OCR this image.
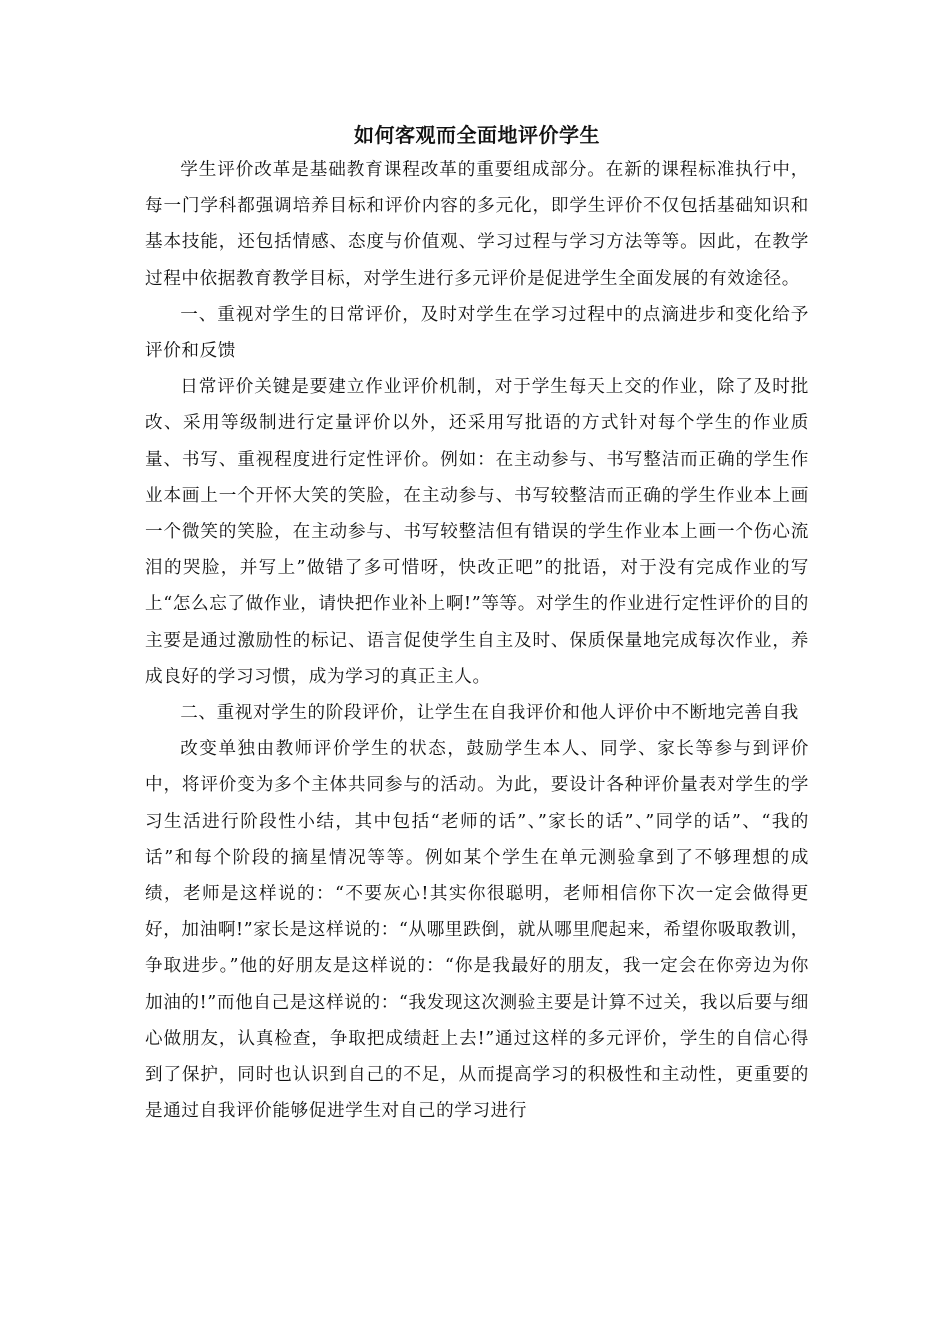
如何客观而全面地评价学生

学生评价改革是基础教育课程改革的重要组成部分。在新的课程标准执行中，每一门学科都强调培养目标和评价内容的多元化，即学生评价不仅包括基础知识和基本技能，还包括情感、态度与价值观、学习过程与学习方法等等。因此，在教学过程中依据教育教学目标，对学生进行多元评价是促进学生全面发展的有效途径。

一、重视对学生的日常评价，及时对学生在学习过程中的点滴进步和变化给予评价和反馈

日常评价关键是要建立作业评价机制，对于学生每天上交的作业，除了及时批改、采用等级制进行定量评价以外，还采用写批语的方式针对每个学生的作业质量、书写、重视程度进行定性评价。例如：在主动参与、书写整洁而正确的学生作业本画上一个开怀大笑的笑脸，在主动参与、书写较整洁而正确的学生作业本上画一个微笑的笑脸，在主动参与、书写较整洁但有错误的学生作业本上画一个伤心流泪的哭脸，并写上”做错了多可惜呀，快改正吧”的批语，对于没有完成作业的写上“怎么忘了做作业，请快把作业补上啊!”等等。对学生的作业进行定性评价的目的主要是通过激励性的标记、语言促使学生自主及时、保质保量地完成每次作业，养成良好的学习习惯，成为学习的真正主人。

二、重视对学生的阶段评价，让学生在自我评价和他人评价中不断地完善自我

改变单独由教师评价学生的状态，鼓励学生本人、同学、家长等参与到评价中，将评价变为多个主体共同参与的活动。为此，要设计各种评价量表对学生的学习生活进行阶段性小结，其中包括“老师的话”、”家长的话”、”同学的话”、“我的话”和每个阶段的摘星情况等等。例如某个学生在单元测验拿到了不够理想的成绩，老师是这样说的：“不要灰心!其实你很聪明，老师相信你下次一定会做得更好，加油啊!”家长是这样说的：“从哪里跌倒，就从哪里爬起来，希望你吸取教训，争取进步。”他的好朋友是这样说的：“你是我最好的朋友，我一定会在你旁边为你加油的!”而他自己是这样说的：“我发现这次测验主要是计算不过关，我以后要与细心做朋友，认真检查，争取把成绩赶上去!”通过这样的多元评价，学生的自信心得到了保护，同时也认识到自己的不足，从而提高学习的积极性和主动性，更重要的是通过自我评价能够促进学生对自己的学习进行
